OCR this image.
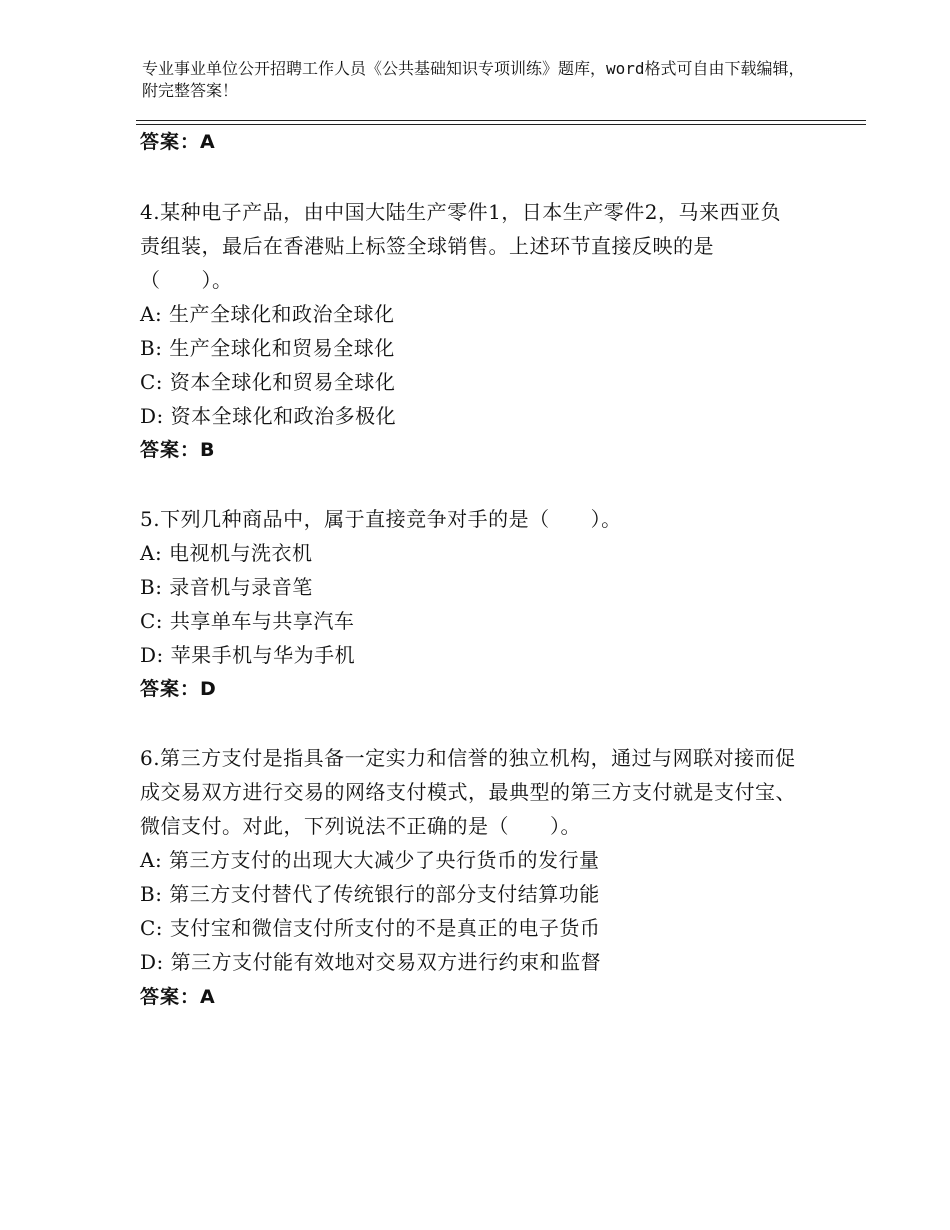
专业事业单位公开招聘工作人员《公共基础知识专项训练》题库，word格式可自由下载编辑，附完整答案！
答案：A
4.某种电子产品，由中国大陆生产零件1，日本生产零件2，马来西亚负责组装，最后在香港贴上标签全球销售。上述环节直接反映的是（　　）。
A: 生产全球化和政治全球化
B: 生产全球化和贸易全球化
C: 资本全球化和贸易全球化
D: 资本全球化和政治多极化
答案：B
5.下列几种商品中，属于直接竞争对手的是（　　）。
A: 电视机与洗衣机
B: 录音机与录音笔
C: 共享单车与共享汽车
D: 苹果手机与华为手机
答案：D
6.第三方支付是指具备一定实力和信誉的独立机构，通过与网联对接而促成交易双方进行交易的网络支付模式，最典型的第三方支付就是支付宝、微信支付。对此，下列说法不正确的是（　　）。
A: 第三方支付的出现大大减少了央行货币的发行量
B: 第三方支付替代了传统银行的部分支付结算功能
C: 支付宝和微信支付所支付的不是真正的电子货币
D: 第三方支付能有效地对交易双方进行约束和监督
答案：A
